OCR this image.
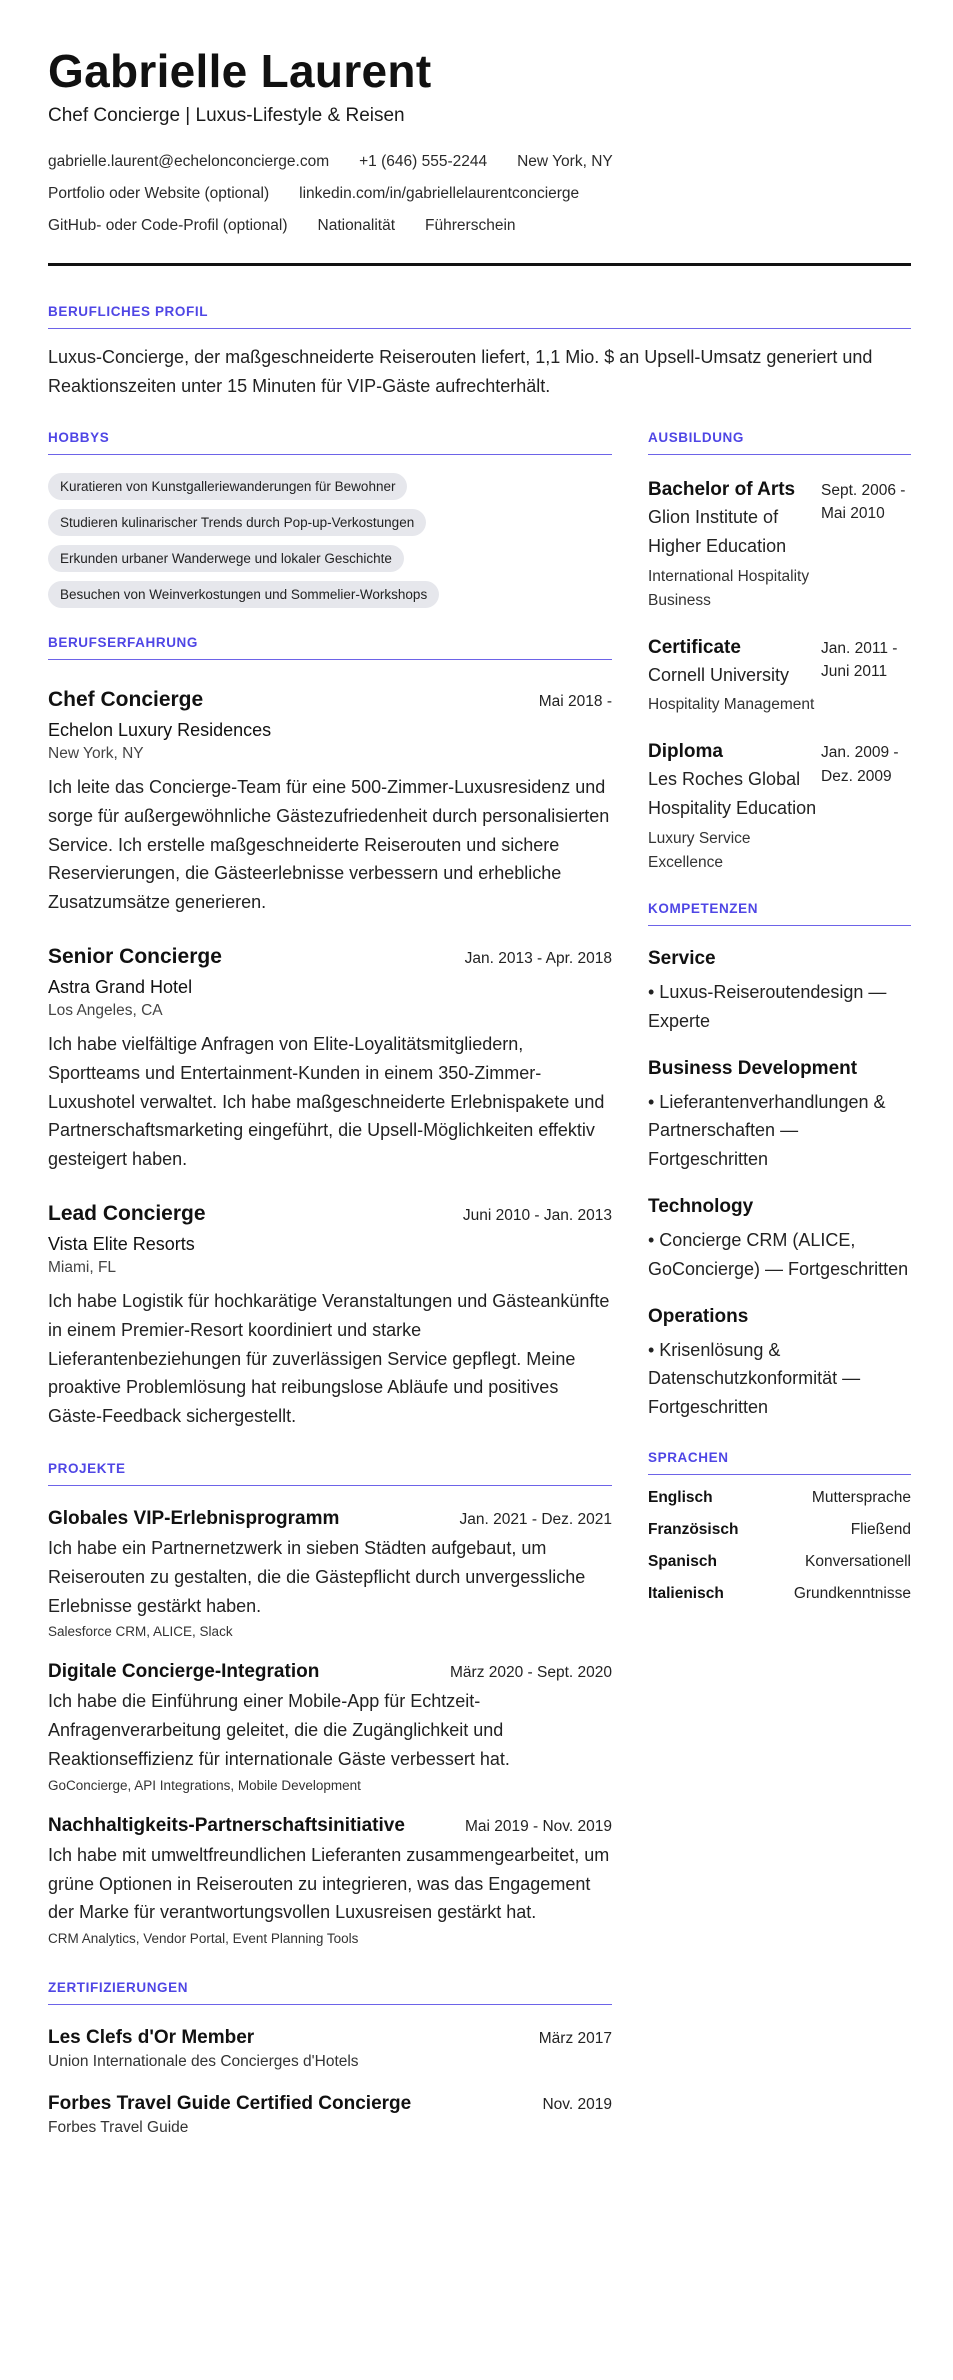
Gabrielle Laurent
Chef Concierge | Luxus-Lifestyle & Reisen
gabrielle.laurent@echelonconcierge.com +1 (646) 555-2244 New York, NY
Portfolio oder Website (optional) linkedin.com/in/gabriellelaurentconcierge
GitHub- oder Code-Profil (optional) Nationalität Führerschein
BERUFLICHES PROFIL
Luxus-Concierge, der maßgeschneiderte Reiserouten liefert, 1,1 Mio. $ an Upsell-Umsatz generiert und Reaktionszeiten unter 15 Minuten für VIP-Gäste aufrechterhält.
HOBBYS
Kuratieren von Kunstgalleriewanderungen für Bewohner
Studieren kulinarischer Trends durch Pop-up-Verkostungen
Erkunden urbaner Wanderwege und lokaler Geschichte
Besuchen von Weinverkostungen und Sommelier-Workshops
BERUFSERFAHRUNG
Chef Concierge	Mai 2018 -
Echelon Luxury Residences
New York, NY
Ich leite das Concierge-Team für eine 500-Zimmer-Luxusresidenz und sorge für außergewöhnliche Gästezufriedenheit durch personalisierten Service. Ich erstelle maßgeschneiderte Reiserouten und sichere Reservierungen, die Gästeerlebnisse verbessern und erhebliche Zusatzumsätze generieren.
Senior Concierge	Jan. 2013 - Apr. 2018
Astra Grand Hotel
Los Angeles, CA
Ich habe vielfältige Anfragen von Elite-Loyalitätsmitgliedern, Sportteams und Entertainment-Kunden in einem 350-Zimmer-Luxushotel verwaltet. Ich habe maßgeschneiderte Erlebnispakete und Partnerschaftsmarketing eingeführt, die Upsell-Möglichkeiten effektiv gesteigert haben.
Lead Concierge	Juni 2010 - Jan. 2013
Vista Elite Resorts
Miami, FL
Ich habe Logistik für hochkarätige Veranstaltungen und Gästeankünfte in einem Premier-Resort koordiniert und starke Lieferantenbeziehungen für zuverlässigen Service gepflegt. Meine proaktive Problemlösung hat reibungslose Abläufe und positives Gäste-Feedback sichergestellt.
PROJEKTE
Globales VIP-Erlebnisprogramm	Jan. 2021 - Dez. 2021
Ich habe ein Partnernetzwerk in sieben Städten aufgebaut, um Reiserouten zu gestalten, die die Gästepflicht durch unvergessliche Erlebnisse gestärkt haben.
Salesforce CRM, ALICE, Slack
Digitale Concierge-Integration	März 2020 - Sept. 2020
Ich habe die Einführung einer Mobile-App für Echtzeit-Anfragenverarbeitung geleitet, die die Zugänglichkeit und Reaktionseffizienz für internationale Gäste verbessert hat.
GoConcierge, API Integrations, Mobile Development
Nachhaltigkeits-Partnerschaftsinitiative	Mai 2019 - Nov. 2019
Ich habe mit umweltfreundlichen Lieferanten zusammengearbeitet, um grüne Optionen in Reiserouten zu integrieren, was das Engagement der Marke für verantwortungsvollen Luxusreisen gestärkt hat.
CRM Analytics, Vendor Portal, Event Planning Tools
ZERTIFIZIERUNGEN
Les Clefs d'Or Member	März 2017
Union Internationale des Concierges d'Hotels
Forbes Travel Guide Certified Concierge	Nov. 2019
Forbes Travel Guide
AUSBILDUNG
Bachelor of Arts
Glion Institute of Higher Education
International Hospitality Business
Sept. 2006 - Mai 2010
Certificate
Cornell University
Hospitality Management
Jan. 2011 - Juni 2011
Diploma
Les Roches Global Hospitality Education
Luxury Service Excellence
Jan. 2009 - Dez. 2009
KOMPETENZEN
Service
• Luxus-Reiseroutendesign — Experte
Business Development
• Lieferantenverhandlungen & Partnerschaften — Fortgeschritten
Technology
• Concierge CRM (ALICE, GoConcierge) — Fortgeschritten
Operations
• Krisenlösung & Datenschutzkonformität — Fortgeschritten
SPRACHEN
Englisch	Muttersprache
Französisch	Fließend
Spanisch	Konversationell
Italienisch	Grundkenntnisse
